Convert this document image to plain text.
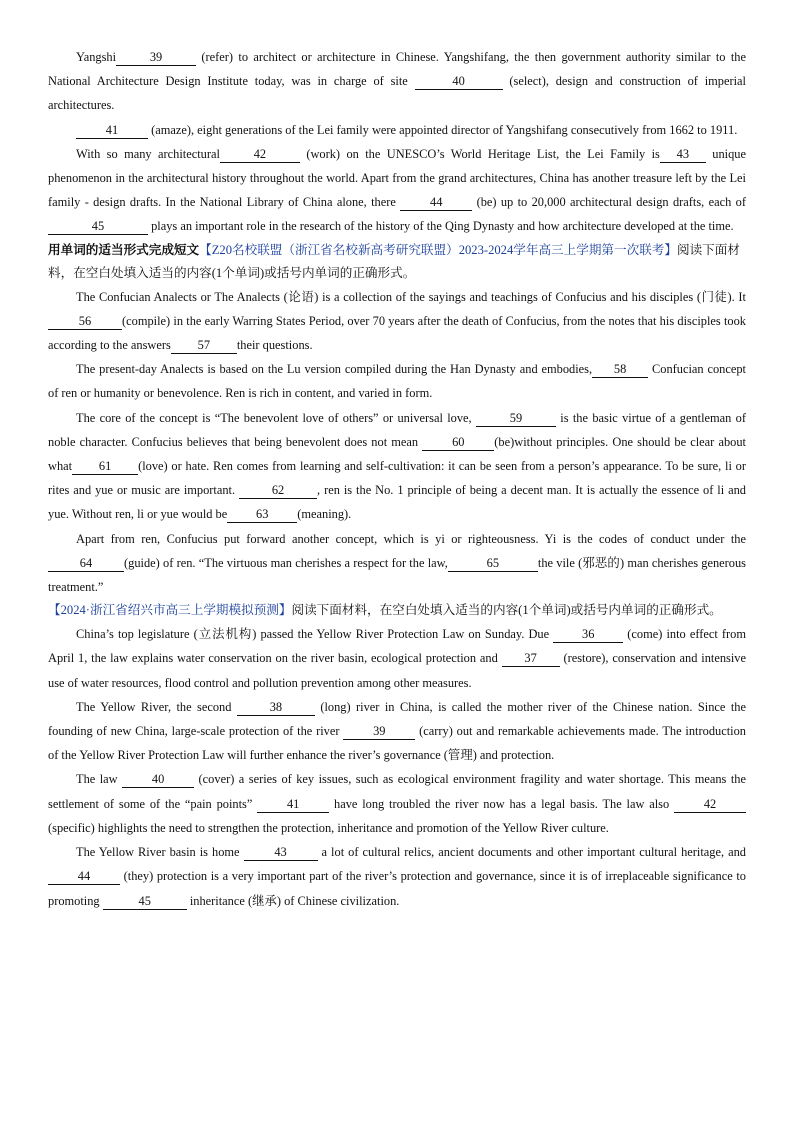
Yangshi	39	(refer) to architect or architecture in Chinese. Yangshifang, the then government authority similar to the National Architecture Design Institute today, was in charge of site	40	(select), design and construction of imperial architectures.

41 (amaze), eight generations of the Lei family were appointed director of Yangshifang consecutively from 1662 to 1911.

With so many architectural	42	(work) on the UNESCO’s World Heritage List, the Lei Family is 43 unique phenomenon in the architectural history throughout the world. Apart from the grand architectures, China has another treasure left by the Lei family - design drafts. In the National Library of China alone, there 44 (be) up to 20,000 architectural design drafts, each of 45	plays an important role in the research of the history of the Qing Dynasty and how architecture developed at the time.

用单词的适当形式完成短文【Z20名校联盟（浙江省名校新高考研究联盟）2023-2024学年高三上学期第一次联考】阅读下面材料，在空白处填入适当的内容(1个单词)或括号内单词的正确形式。

The Confucian Analects or The Analects (论语) is a collection of the sayings and teachings of Confucius and his disciples (门徒). It 56 (compile) in the early Warring States Period, over 70 years after the death of Confucius, from the notes that his disciples took according to the answers 57 their questions.

The present-day Analects is based on the Lu version compiled during the Han Dynasty and embodies, 58 Confucian concept of ren or humanity or benevolence. Ren is rich in content, and varied in form.

The core of the concept is “The benevolent love of others” or universal love,	59	is the basic virtue of a gentleman of noble character. Confucius believes that being benevolent does not mean 60 (be)without principles. One should be clear about what 61 (love) or hate. Ren comes from learning and self-cultivation: it can be seen from a person’s appearance. To be sure, li or rites and yue or music are important.	62	, ren is the No. 1 principle of being a decent man. It is actually the essence of li and yue. Without ren, li or yue would be 63 (meaning).

Apart from ren, Confucius put forward another concept, which is yi or righteousness. Yi is the codes of conduct under the 64	(guide) of ren. “The virtuous man cherishes a respect for the law,	65	the vile (邪恶的) man cherishes generous treatment.”

【2024·浙江省绍兴市高三上学期模拟预测】阅读下面材料，在空白处填入适当的内容(1个单词)或括号内单词的正确形式。

China’s top legislature (立法机构) passed the Yellow River Protection Law on Sunday. Due 36 (come) into effect from April 1, the law explains water conservation on the river basin, ecological protection and 37 (restore), conservation and intensive use of water resources, flood control and pollution prevention among other measures.

The Yellow River, the second	38	(long) river in China, is called the mother river of the Chinese nation. Since the founding of new China, large-scale protection of the river 39 (carry) out and remarkable achievements made. The introduction of the Yellow River Protection Law will further enhance the river’s governance (管理) and protection.

The law 40 (cover) a series of key issues, such as ecological environment fragility and water shortage. This means the settlement of some of the “pain points” 41 have long troubled the river now has a legal basis. The law also 42 (specific) highlights the need to strengthen the protection, inheritance and promotion of the Yellow River culture.

The Yellow River basin is home 43 a lot of cultural relics, ancient documents and other important cultural heritage, and 44 (they) protection is a very important part of the river’s protection and governance, since it is of irreplaceable significance to promoting	45	inheritance (继承) of Chinese civilization.
